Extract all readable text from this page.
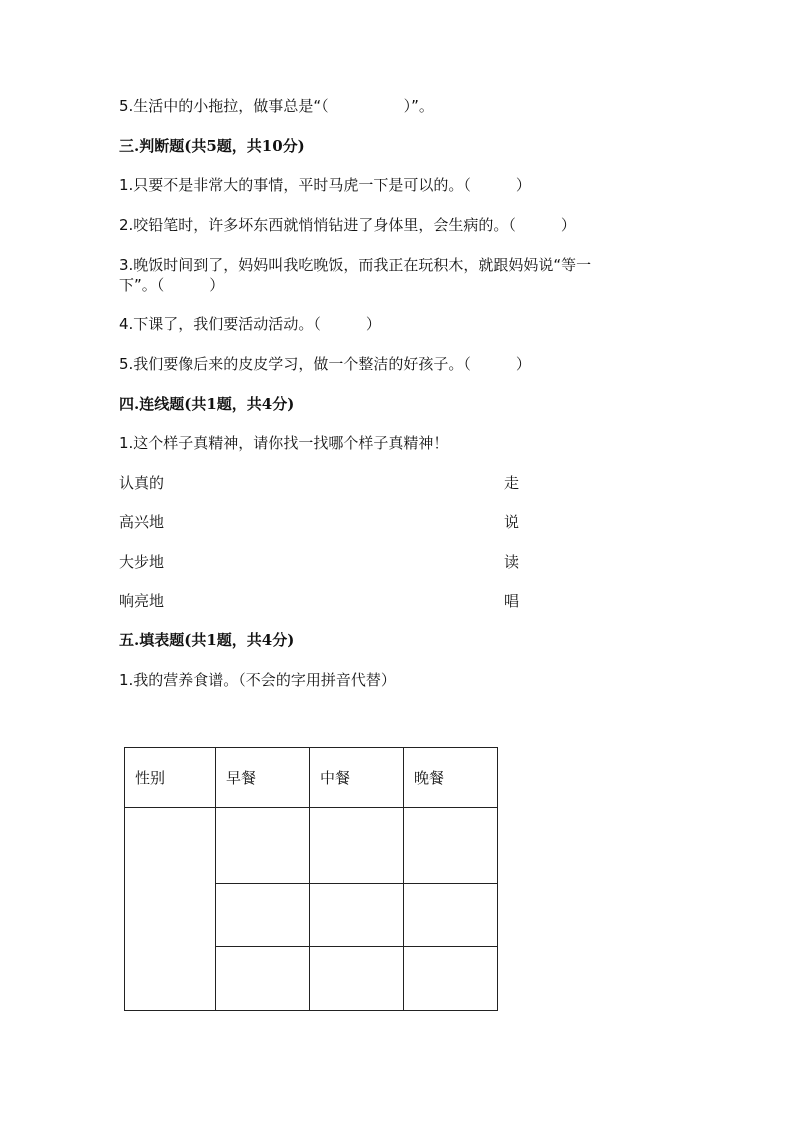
5.生活中的小拖拉，做事总是“（　　　　　）”。

三.判断题(共5题，共10分)

1.只要不是非常大的事情，平时马虎一下是可以的。（　　　）

2.咬铅笔时，许多坏东西就悄悄钻进了身体里，会生病的。（　　　）

3.晚饭时间到了，妈妈叫我吃晚饭，而我正在玩积木，就跟妈妈说“等一

下”。（　　　）

4.下课了，我们要活动活动。（　　　）

5.我们要像后来的皮皮学习，做一个整洁的好孩子。（　　　）

四.连线题(共1题，共4分)

1.这个样子真精神，请你找一找哪个样子真精神！

认真的	走
高兴地	说
大步地	读
响亮地	唱

五.填表题(共1题，共4分)

1.我的营养食谱。（不会的字用拼音代替）

性别	早餐	中餐	晚餐
